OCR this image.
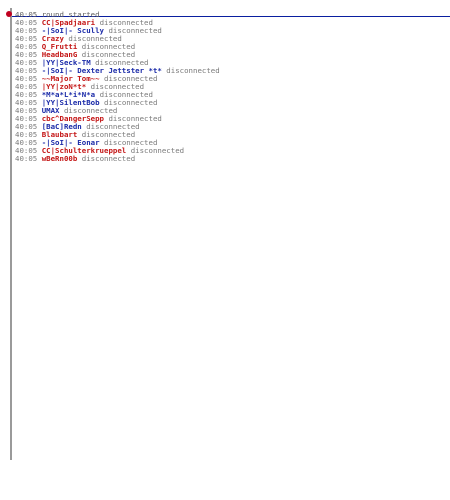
40:05 round started
40:05 CC|Spadjaari disconnected
40:05 -|SoI|- Scully disconnected
40:05 Crazy disconnected
40:05 Q_Frutti disconnected
40:05 HeadbanG disconnected
40:05 |YY|Seck-TM disconnected
40:05 -|SoI|- Dexter Jettster *t* disconnected
40:05 ~~Major Tom~~ disconnected
40:05 |YY|zoN*t* disconnected
40:05 *M*a*L*i*N*a disconnected
40:05 |YY|SilentBob disconnected
40:05 UMAX disconnected
40:05 cbc^DangerSepp disconnected
40:05 [BaC]Redn disconnected
40:05 Blaubart disconnected
40:05 -|SoI|- Eonar disconnected
40:05 CC|Schulterkrueppel disconnected
40:05 wBeRn00b disconnected
